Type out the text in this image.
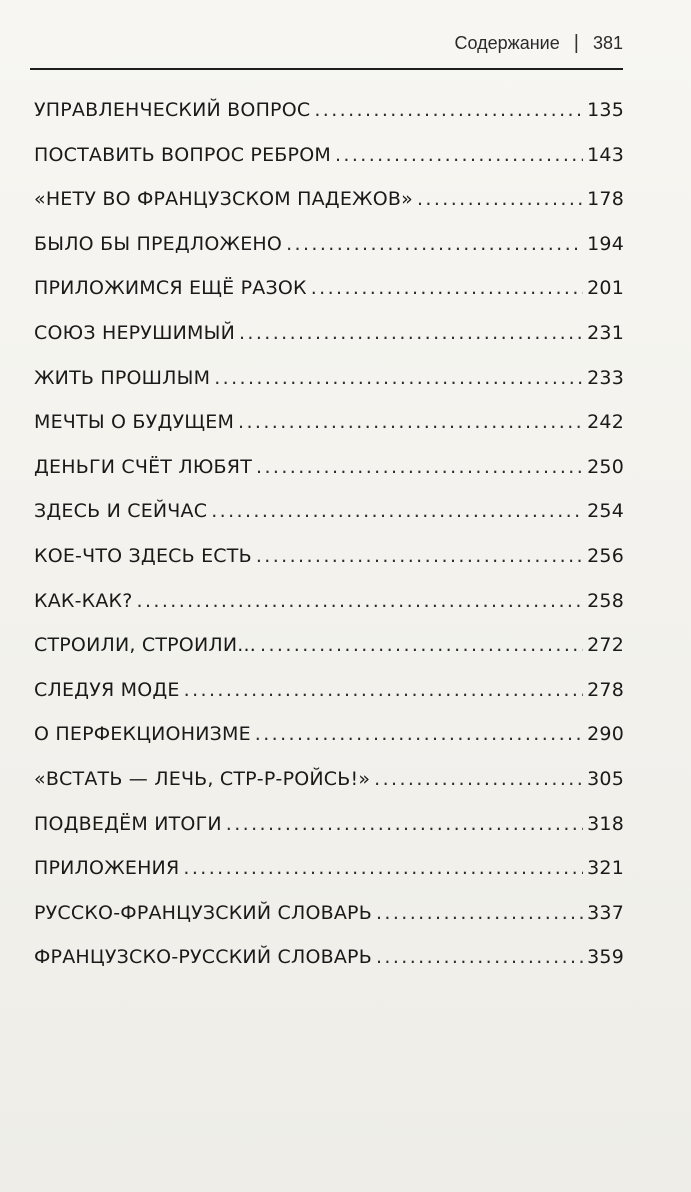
Содержание | 381
УПРАВЛЕНЧЕСКИЙ ВОПРОС .....	135
ПОСТАВИТЬ ВОПРОС РЕБРОМ .....	143
«НЕТУ ВО ФРАНЦУЗСКОМ ПАДЕЖОВ» .....	178
БЫЛО БЫ ПРЕДЛОЖЕНО .....	194
ПРИЛОЖИМСЯ ЕЩЁ РАЗОК .....	201
СОЮЗ НЕРУШИМЫЙ .....	231
ЖИТЬ ПРОШЛЫМ .....	233
МЕЧТЫ О БУДУЩЕМ .....	242
ДЕНЬГИ СЧЁТ ЛЮБЯТ .....	250
ЗДЕСЬ И СЕЙЧАС .....	254
КОЕ-ЧТО ЗДЕСЬ ЕСТЬ .....	256
КАК-КАК? .....	258
СТРОИЛИ, СТРОИЛИ... .....	272
СЛЕДУЯ МОДЕ .....	278
О ПЕРФЕКЦИОНИЗМЕ .....	290
«ВСТАТЬ — ЛЕЧЬ, СТР-Р-РОЙСЬ!» .....	305
ПОДВЕДЁМ ИТОГИ .....	318
ПРИЛОЖЕНИЯ .....	321
РУССКО-ФРАНЦУЗСКИЙ СЛОВАРЬ .....	337
ФРАНЦУЗСКО-РУССКИЙ СЛОВАРЬ .....	359
